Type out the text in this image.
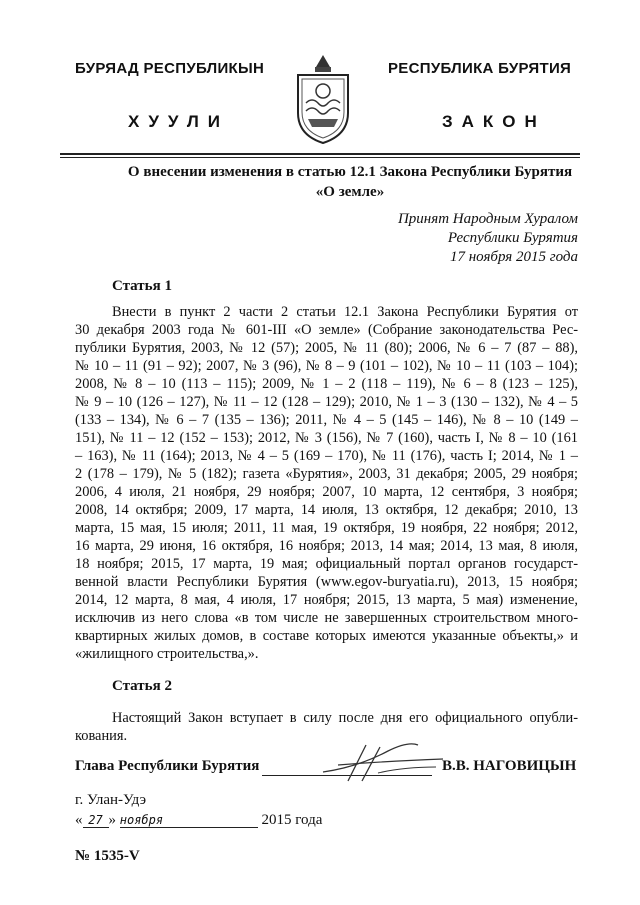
БУРЯАД РЕСПУБЛИКЫН	РЕСПУБЛИКА БУРЯТИЯ
ХУУЛИ	ЗАКОН
О внесении изменения в статью 12.1 Закона Республики Бурятия
«О земле»
Принят Народным Хуралом
Республики Бурятия
17 ноября 2015 года
Статья 1
Внести в пункт 2 части 2 статьи 12.1 Закона Республики Бурятия от
30 декабря 2003 года № 601-III «О земле» (Собрание законодательства Рес-
публики Бурятия, 2003, № 12 (57); 2005, № 11 (80); 2006, № 6 – 7 (87 – 88),
№ 10 – 11 (91 – 92); 2007, № 3 (96), № 8 – 9 (101 – 102), № 10 – 11 (103 – 104);
2008, № 8 – 10 (113 – 115); 2009, № 1 – 2 (118 – 119), № 6 – 8 (123 – 125),
№ 9 – 10 (126 – 127), № 11 – 12 (128 – 129); 2010, № 1 – 3 (130 – 132), № 4 – 5
(133 – 134), № 6 – 7 (135 – 136); 2011, № 4 – 5 (145 – 146), № 8 – 10 (149 –
151), № 11 – 12 (152 – 153); 2012, № 3 (156), № 7 (160), часть I, № 8 – 10 (161
– 163), № 11 (164); 2013, № 4 – 5 (169 – 170), № 11 (176), часть I; 2014, № 1 –
2 (178 – 179), № 5 (182); газета «Бурятия», 2003, 31 декабря; 2005, 29 ноября;
2006, 4 июля, 21 ноября, 29 ноября; 2007, 10 марта, 12 сентября, 3 ноября;
2008, 14 октября; 2009, 17 марта, 14 июля, 13 октября, 12 декабря; 2010, 13
марта, 15 мая, 15 июля; 2011, 11 мая, 19 октября, 19 ноября, 22 ноября; 2012,
16 марта, 29 июня, 16 октября, 16 ноября; 2013, 14 мая; 2014, 13 мая, 8 июля,
18 ноября; 2015, 17 марта, 19 мая; официальный портал органов государст-
венной власти Республики Бурятия (www.egov-buryatia.ru), 2013, 15 ноября;
2014, 12 марта, 8 мая, 4 июля, 17 ноября; 2015, 13 марта, 5 мая) изменение,
исключив из него слова «в том числе не завершенных строительством много-
квартирных жилых домов, в составе которых имеются указанные объекты,» и
«жилищного строительства,».
Статья 2
Настоящий Закон вступает в силу после дня его официального опубли-
кования.
Глава Республики Бурятия	В.В. НАГОВИЦЫН
г. Улан-Удэ
« 27 » ноября	2015 года
№ 1535-V
